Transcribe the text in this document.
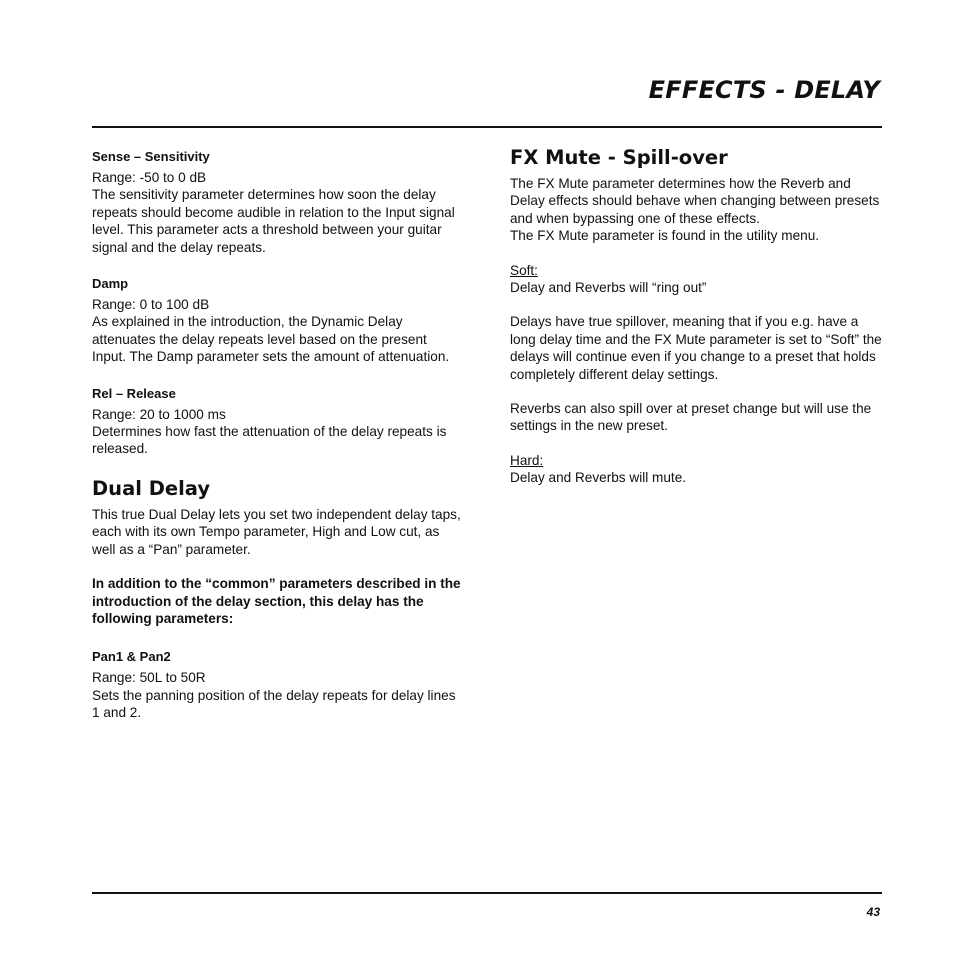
EFFECTS - DELAY
Sense – Sensitivity

Range: -50 to 0 dB

The sensitivity parameter determines how soon the delay repeats should become audible in relation to the Input signal level. This parameter acts a threshold between your guitar signal and the delay repeats.

Damp

Range: 0 to 100 dB

As explained in the introduction, the Dynamic Delay attenuates the delay repeats level based on the present Input. The Damp parameter sets the amount of attenuation.

Rel – Release

Range: 20 to 1000 ms

Determines how fast the attenuation of the delay repeats is released.

Dual Delay

This true Dual Delay lets you set two independent delay taps, each with its own Tempo parameter, High and Low cut, as well as a “Pan” parameter.

In addition to the “common” parameters described in the introduction of the delay section, this delay has the following parameters:

Pan1 & Pan2

Range: 50L to 50R

Sets the panning position of the delay repeats for delay lines 1 and 2.

FX Mute - Spill-over

The FX Mute parameter determines how the Reverb and Delay effects should behave when changing between presets and when bypassing one of these effects.

The FX Mute parameter is found in the utility menu.

Soft:

Delay and Reverbs will “ring out”

Delays have true spillover, meaning that if you e.g. have a long delay time and the FX Mute parameter is set to “Soft” the delays will continue even if you change to a preset that holds completely different delay settings.

Reverbs can also spill over at preset change but will use the settings in the new preset.

Hard:

Delay and Reverbs will mute.

43
